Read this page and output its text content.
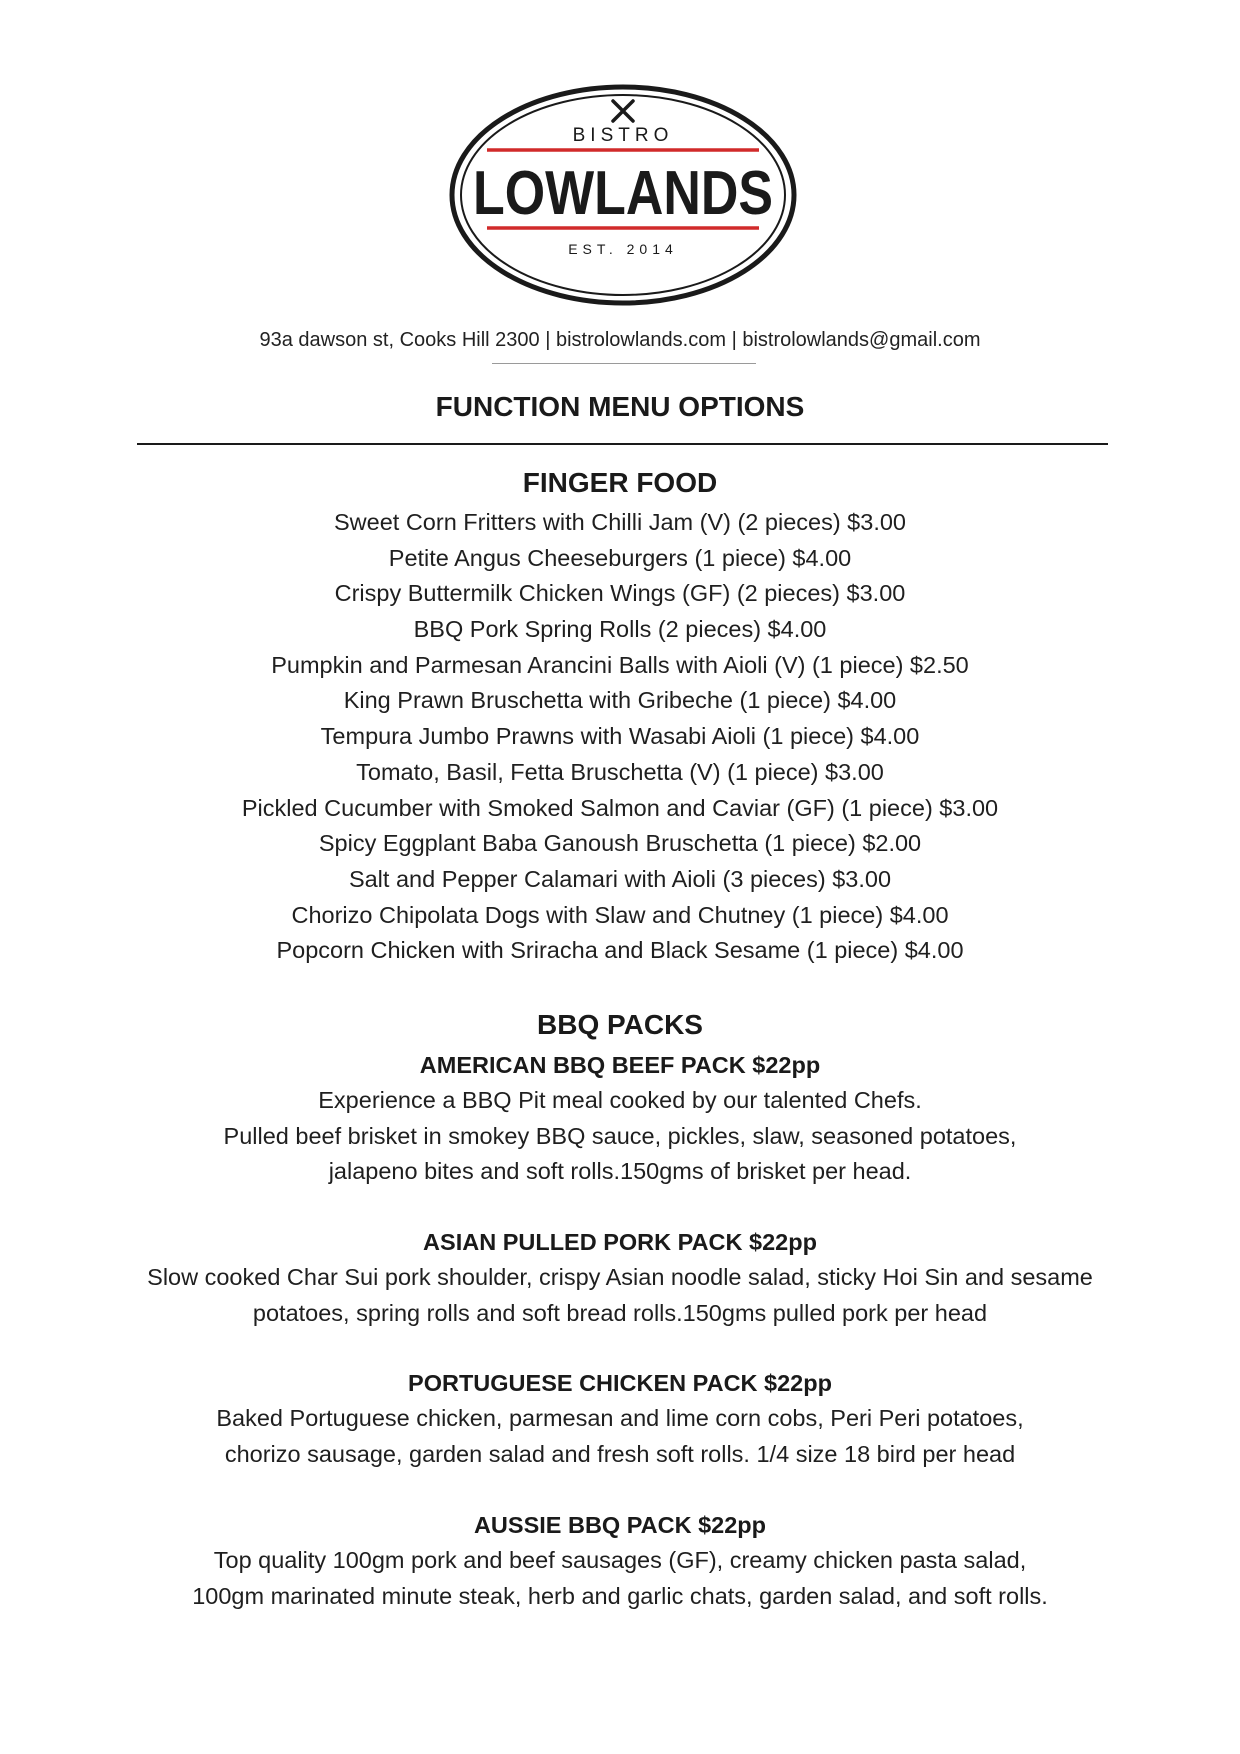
BISTRO
LOWLANDS
EST. 2014
93a dawson st, Cooks Hill 2300 | bistrolowlands.com | bistrolowlands@gmail.com
FUNCTION MENU OPTIONS
FINGER FOOD
Sweet Corn Fritters with Chilli Jam (V) (2 pieces) $3.00
Petite Angus Cheeseburgers (1 piece) $4.00
Crispy Buttermilk Chicken Wings (GF) (2 pieces) $3.00
BBQ Pork Spring Rolls (2 pieces) $4.00
Pumpkin and Parmesan Arancini Balls with Aioli (V) (1 piece) $2.50
King Prawn Bruschetta with Gribeche (1 piece) $4.00
Tempura Jumbo Prawns with Wasabi Aioli (1 piece) $4.00
Tomato, Basil, Fetta Bruschetta (V) (1 piece) $3.00
Pickled Cucumber with Smoked Salmon and Caviar (GF) (1 piece) $3.00
Spicy Eggplant Baba Ganoush Bruschetta (1 piece) $2.00
Salt and Pepper Calamari with Aioli (3 pieces) $3.00
Chorizo Chipolata Dogs with Slaw and Chutney (1 piece) $4.00
Popcorn Chicken with Sriracha and Black Sesame (1 piece) $4.00
BBQ PACKS
AMERICAN BBQ BEEF PACK $22pp
Experience a BBQ Pit meal cooked by our talented Chefs.
Pulled beef brisket in smokey BBQ sauce, pickles, slaw, seasoned potatoes,
jalapeno bites and soft rolls.150gms of brisket per head.
ASIAN PULLED PORK PACK $22pp
Slow cooked Char Sui pork shoulder, crispy Asian noodle salad, sticky Hoi Sin and sesame
potatoes, spring rolls and soft bread rolls.150gms pulled pork per head
PORTUGUESE CHICKEN PACK $22pp
Baked Portuguese chicken, parmesan and lime corn cobs, Peri Peri potatoes,
chorizo sausage, garden salad and fresh soft rolls. 1/4 size 18 bird per head
AUSSIE BBQ PACK $22pp
Top quality 100gm pork and beef sausages (GF), creamy chicken pasta salad,
100gm marinated minute steak, herb and garlic chats, garden salad, and soft rolls.
